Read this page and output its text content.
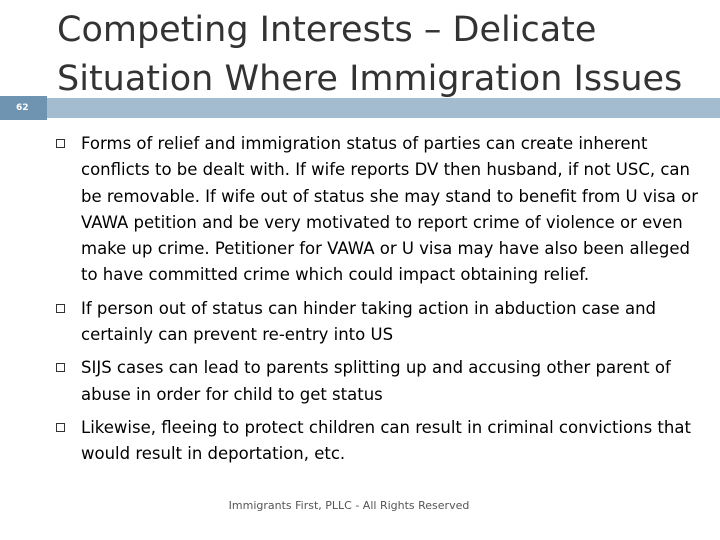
62
Competing Interests – Delicate Situation Where Immigration Issues
Forms of relief and immigration status of parties can create inherent conflicts to be dealt with. If wife reports DV then husband, if not USC, can be removable. If wife out of status she may stand to benefit from U visa or VAWA petition and be very motivated to report crime of violence or even make up crime. Petitioner for VAWA or U visa may have also been alleged to have committed crime which could impact obtaining relief.
If person out of status can hinder taking action in abduction case and certainly can prevent re-entry into US
SIJS cases can lead to parents splitting up and accusing other parent of abuse in order for child to get status
Likewise, fleeing to protect children can result in criminal convictions that would result in deportation, etc.
Immigrants First, PLLC - All Rights Reserved
